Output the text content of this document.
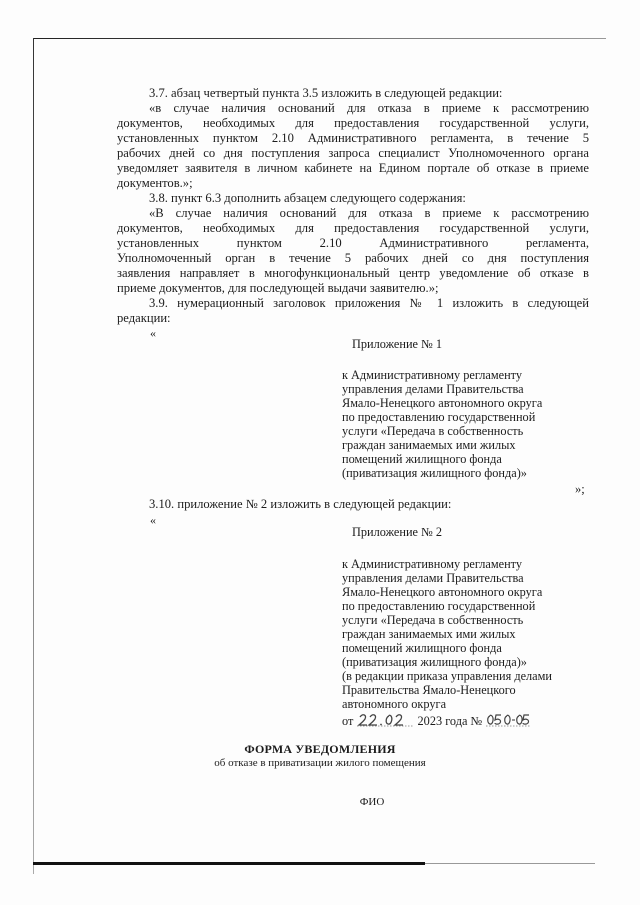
3.7. абзац четвертый пункта 3.5 изложить в следующей редакции:
«в случае наличия оснований для отказа в приеме к рассмотрению
документов, необходимых для предоставления государственной услуги,
установленных пунктом 2.10 Административного регламента, в течение 5
рабочих дней со дня поступления запроса специалист Уполномоченного органа
уведомляет заявителя в личном кабинете на Едином портале об отказе в приеме
документов.»;
3.8. пункт 6.3 дополнить абзацем следующего содержания:
«В случае наличия оснований для отказа в приеме к рассмотрению
документов, необходимых для предоставления государственной услуги,
установленных пунктом 2.10 Административного регламента,
Уполномоченный орган в течение 5 рабочих дней со дня поступления
заявления направляет в многофункциональный центр уведомление об отказе в
приеме документов, для последующей выдачи заявителю.»;
3.9. нумерационный заголовок приложения № 1 изложить в следующей
редакции:
«
Приложение № 1
к Административному регламенту
управления делами Правительства
Ямало-Ненецкого автономного округа
по предоставлению государственной
услуги «Передача в собственность
граждан занимаемых ими жилых
помещений жилищного фонда
(приватизация жилищного фонда)»
»;
3.10. приложение № 2 изложить в следующей редакции:
«
Приложение № 2
к Административному регламенту
управления делами Правительства
Ямало-Ненецкого автономного округа
по предоставлению государственной
услуги «Передача в собственность
граждан занимаемых ими жилых
помещений жилищного фонда
(приватизация жилищного фонда)»
(в редакции приказа управления делами
Правительства Ямало-Ненецкого
автономного округа
от	2023 года №
ФОРМА УВЕДОМЛЕНИЯ
об отказе в приватизации жилого помещения
ФИО
